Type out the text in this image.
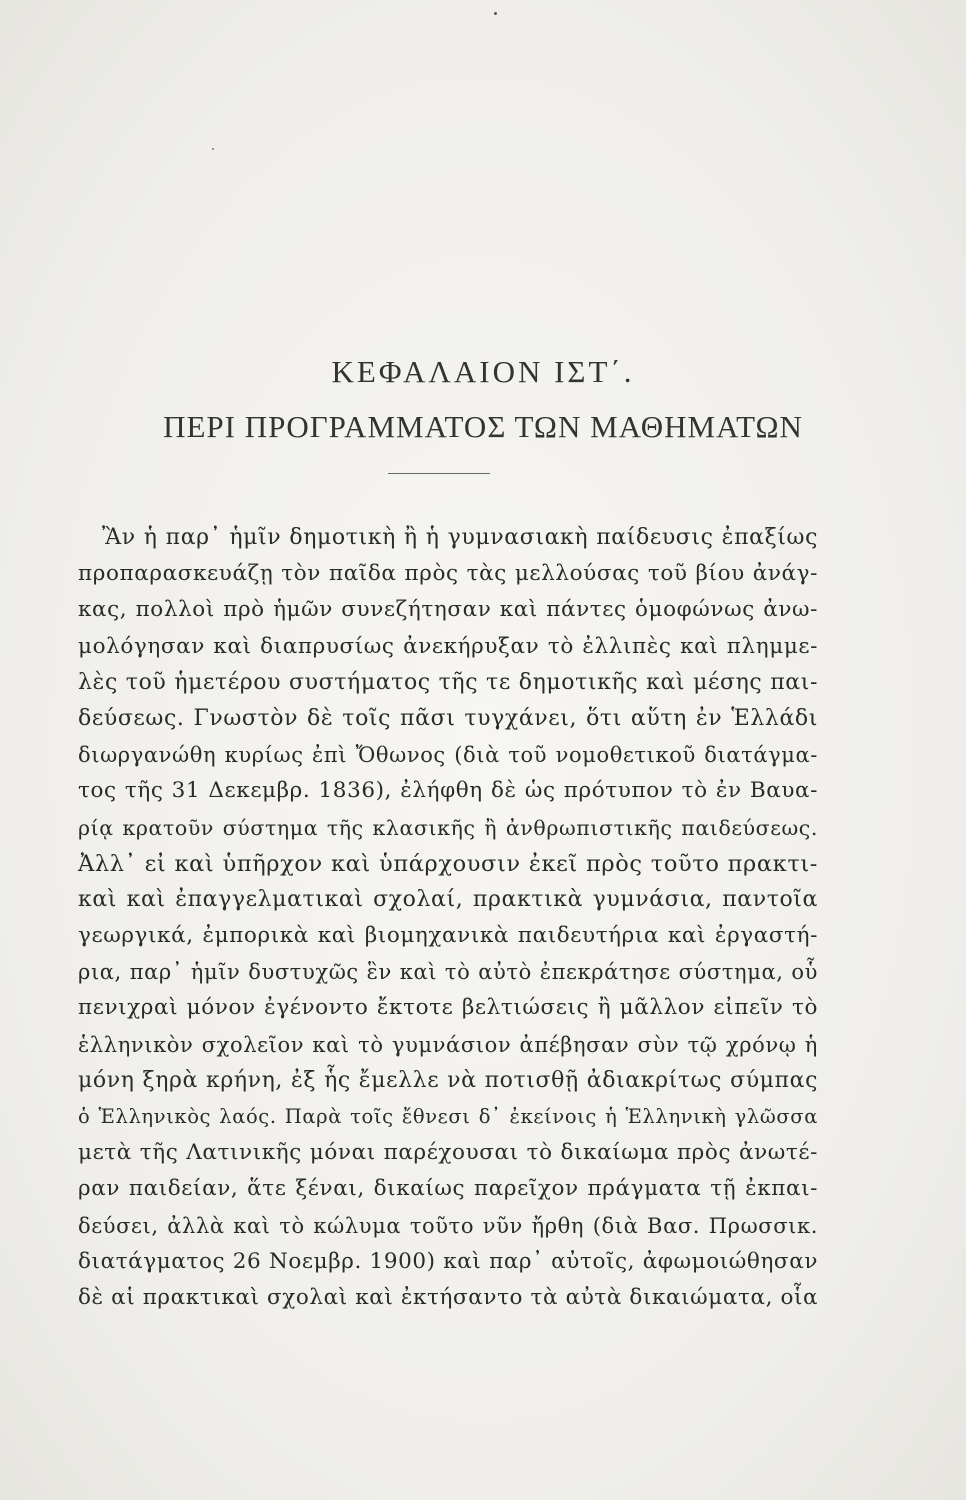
ΚΕΦΑΛΑΙΟΝ ΙΣΤ΄.
ΠΕΡΙ ΠΡΟΓΡΑΜΜΑΤΟΣ ΤΩΝ ΜΑΘΗΜΑΤΩΝ
Ἂν ἡ παρ᾿ ἡμῖν δημοτικὴ ἢ ἡ γυμνασιακὴ παίδευσις ἐπαξίως
προπαρασκευάζῃ τὸν παῖδα πρὸς τὰς μελλούσας τοῦ βίου ἀνάγ-
κας, πολλοὶ πρὸ ἡμῶν συνεζήτησαν καὶ πάντες ὁμοφώνως ἀνω-
μολόγησαν καὶ διαπρυσίως ἀνεκήρυξαν τὸ ἐλλιπὲς καὶ πλημμε-
λὲς τοῦ ἡμετέρου συστήματος τῆς τε δημοτικῆς καὶ μέσης παι-
δεύσεως. Γνωστὸν δὲ τοῖς πᾶσι τυγχάνει, ὅτι αὕτη ἐν Ἑλλάδι
διωργανώθη κυρίως ἐπὶ Ὄθωνος (διὰ τοῦ νομοθετικοῦ διατάγμα-
τος τῆς 31 Δεκεμβρ. 1836), ἐλήφθη δὲ ὡς πρότυπον τὸ ἐν Βαυα-
ρίᾳ κρατοῦν σύστημα τῆς κλασικῆς ἢ ἀνθρωπιστικῆς παιδεύσεως.
Ἀλλ᾿ εἰ καὶ ὑπῆρχον καὶ ὑπάρχουσιν ἐκεῖ πρὸς τοῦτο πρακτι-
καὶ καὶ ἐπαγγελματικαὶ σχολαί, πρακτικὰ γυμνάσια, παντοῖα
γεωργικά, ἐμπορικὰ καὶ βιομηχανικὰ παιδευτήρια καὶ ἐργαστή-
ρια, παρ᾿ ἡμῖν δυστυχῶς ἓν καὶ τὸ αὐτὸ ἐπεκράτησε σύστημα, οὗ
πενιχραὶ μόνον ἐγένοντο ἔκτοτε βελτιώσεις ἢ μᾶλλον εἰπεῖν τὸ
ἑλληνικὸν σχολεῖον καὶ τὸ γυμνάσιον ἀπέβησαν σὺν τῷ χρόνῳ ἡ
μόνη ξηρὰ κρήνη, ἐξ ἧς ἔμελλε νὰ ποτισθῇ ἀδιακρίτως σύμπας
ὁ Ἑλληνικὸς λαός. Παρὰ τοῖς ἔθνεσι δ᾿ ἐκείνοις ἡ Ἑλληνικὴ γλῶσσα
μετὰ τῆς Λατινικῆς μόναι παρέχουσαι τὸ δικαίωμα πρὸς ἀνωτέ-
ραν παιδείαν, ἅτε ξέναι, δικαίως παρεῖχον πράγματα τῇ ἐκπαι-
δεύσει, ἀλλὰ καὶ τὸ κώλυμα τοῦτο νῦν ἤρθη (διὰ Βασ. Πρωσσικ.
διατάγματος 26 Νοεμβρ. 1900) καὶ παρ᾿ αὐτοῖς, ἀφωμοιώθησαν
δὲ αἱ πρακτικαὶ σχολαὶ καὶ ἐκτήσαντο τὰ αὐτὰ δικαιώματα, οἷα
